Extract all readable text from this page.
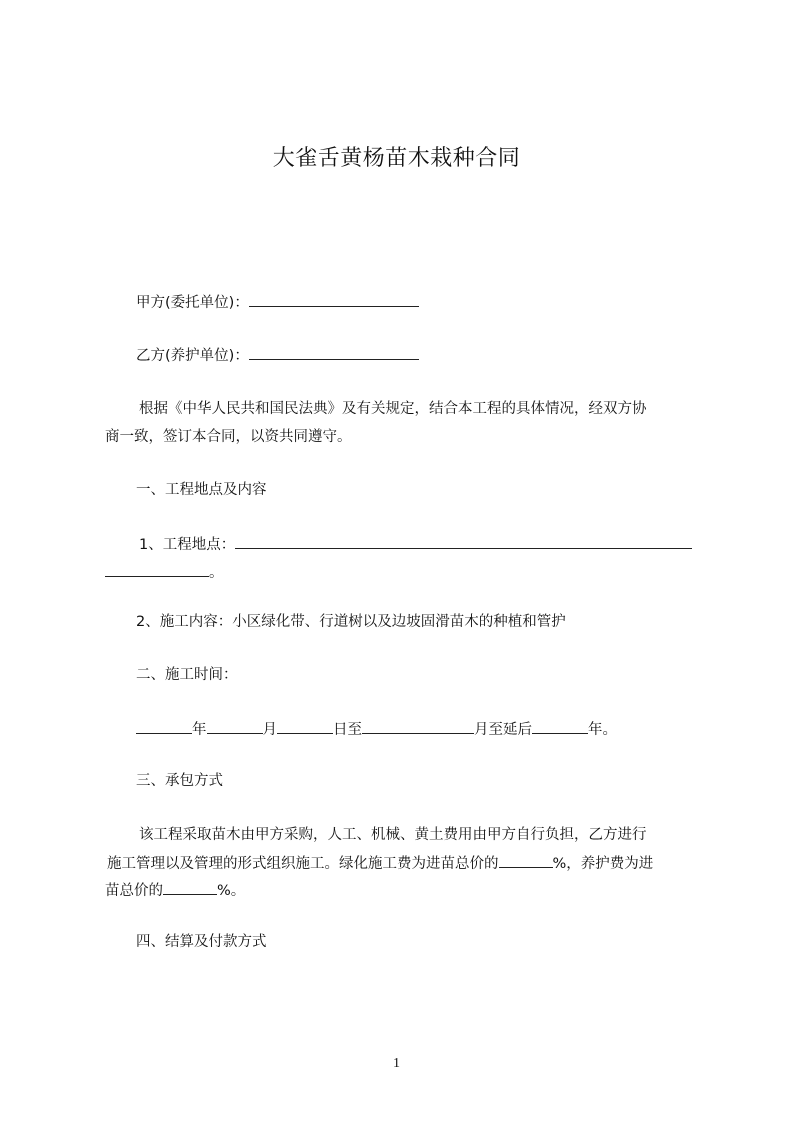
大雀舌黄杨苗木栽种合同
甲方(委托单位)：
乙方(养护单位)：
根据《中华人民共和国民法典》及有关规定，结合本工程的具体情况，经双方协
商一致，签订本合同，以资共同遵守。
一、工程地点及内容
1、工程地点：
。
2、施工内容：小区绿化带、行道树以及边坡固滑苗木的种植和管护
二、施工时间：
年	月	日至	月至延后	年。
三、承包方式
该工程采取苗木由甲方采购，人工、机械、黄土费用由甲方自行负担，乙方进行
施工管理以及管理的形式组织施工。绿化施工费为进苗总价的	%，养护费为进
苗总价的	%。
四、结算及付款方式
1
